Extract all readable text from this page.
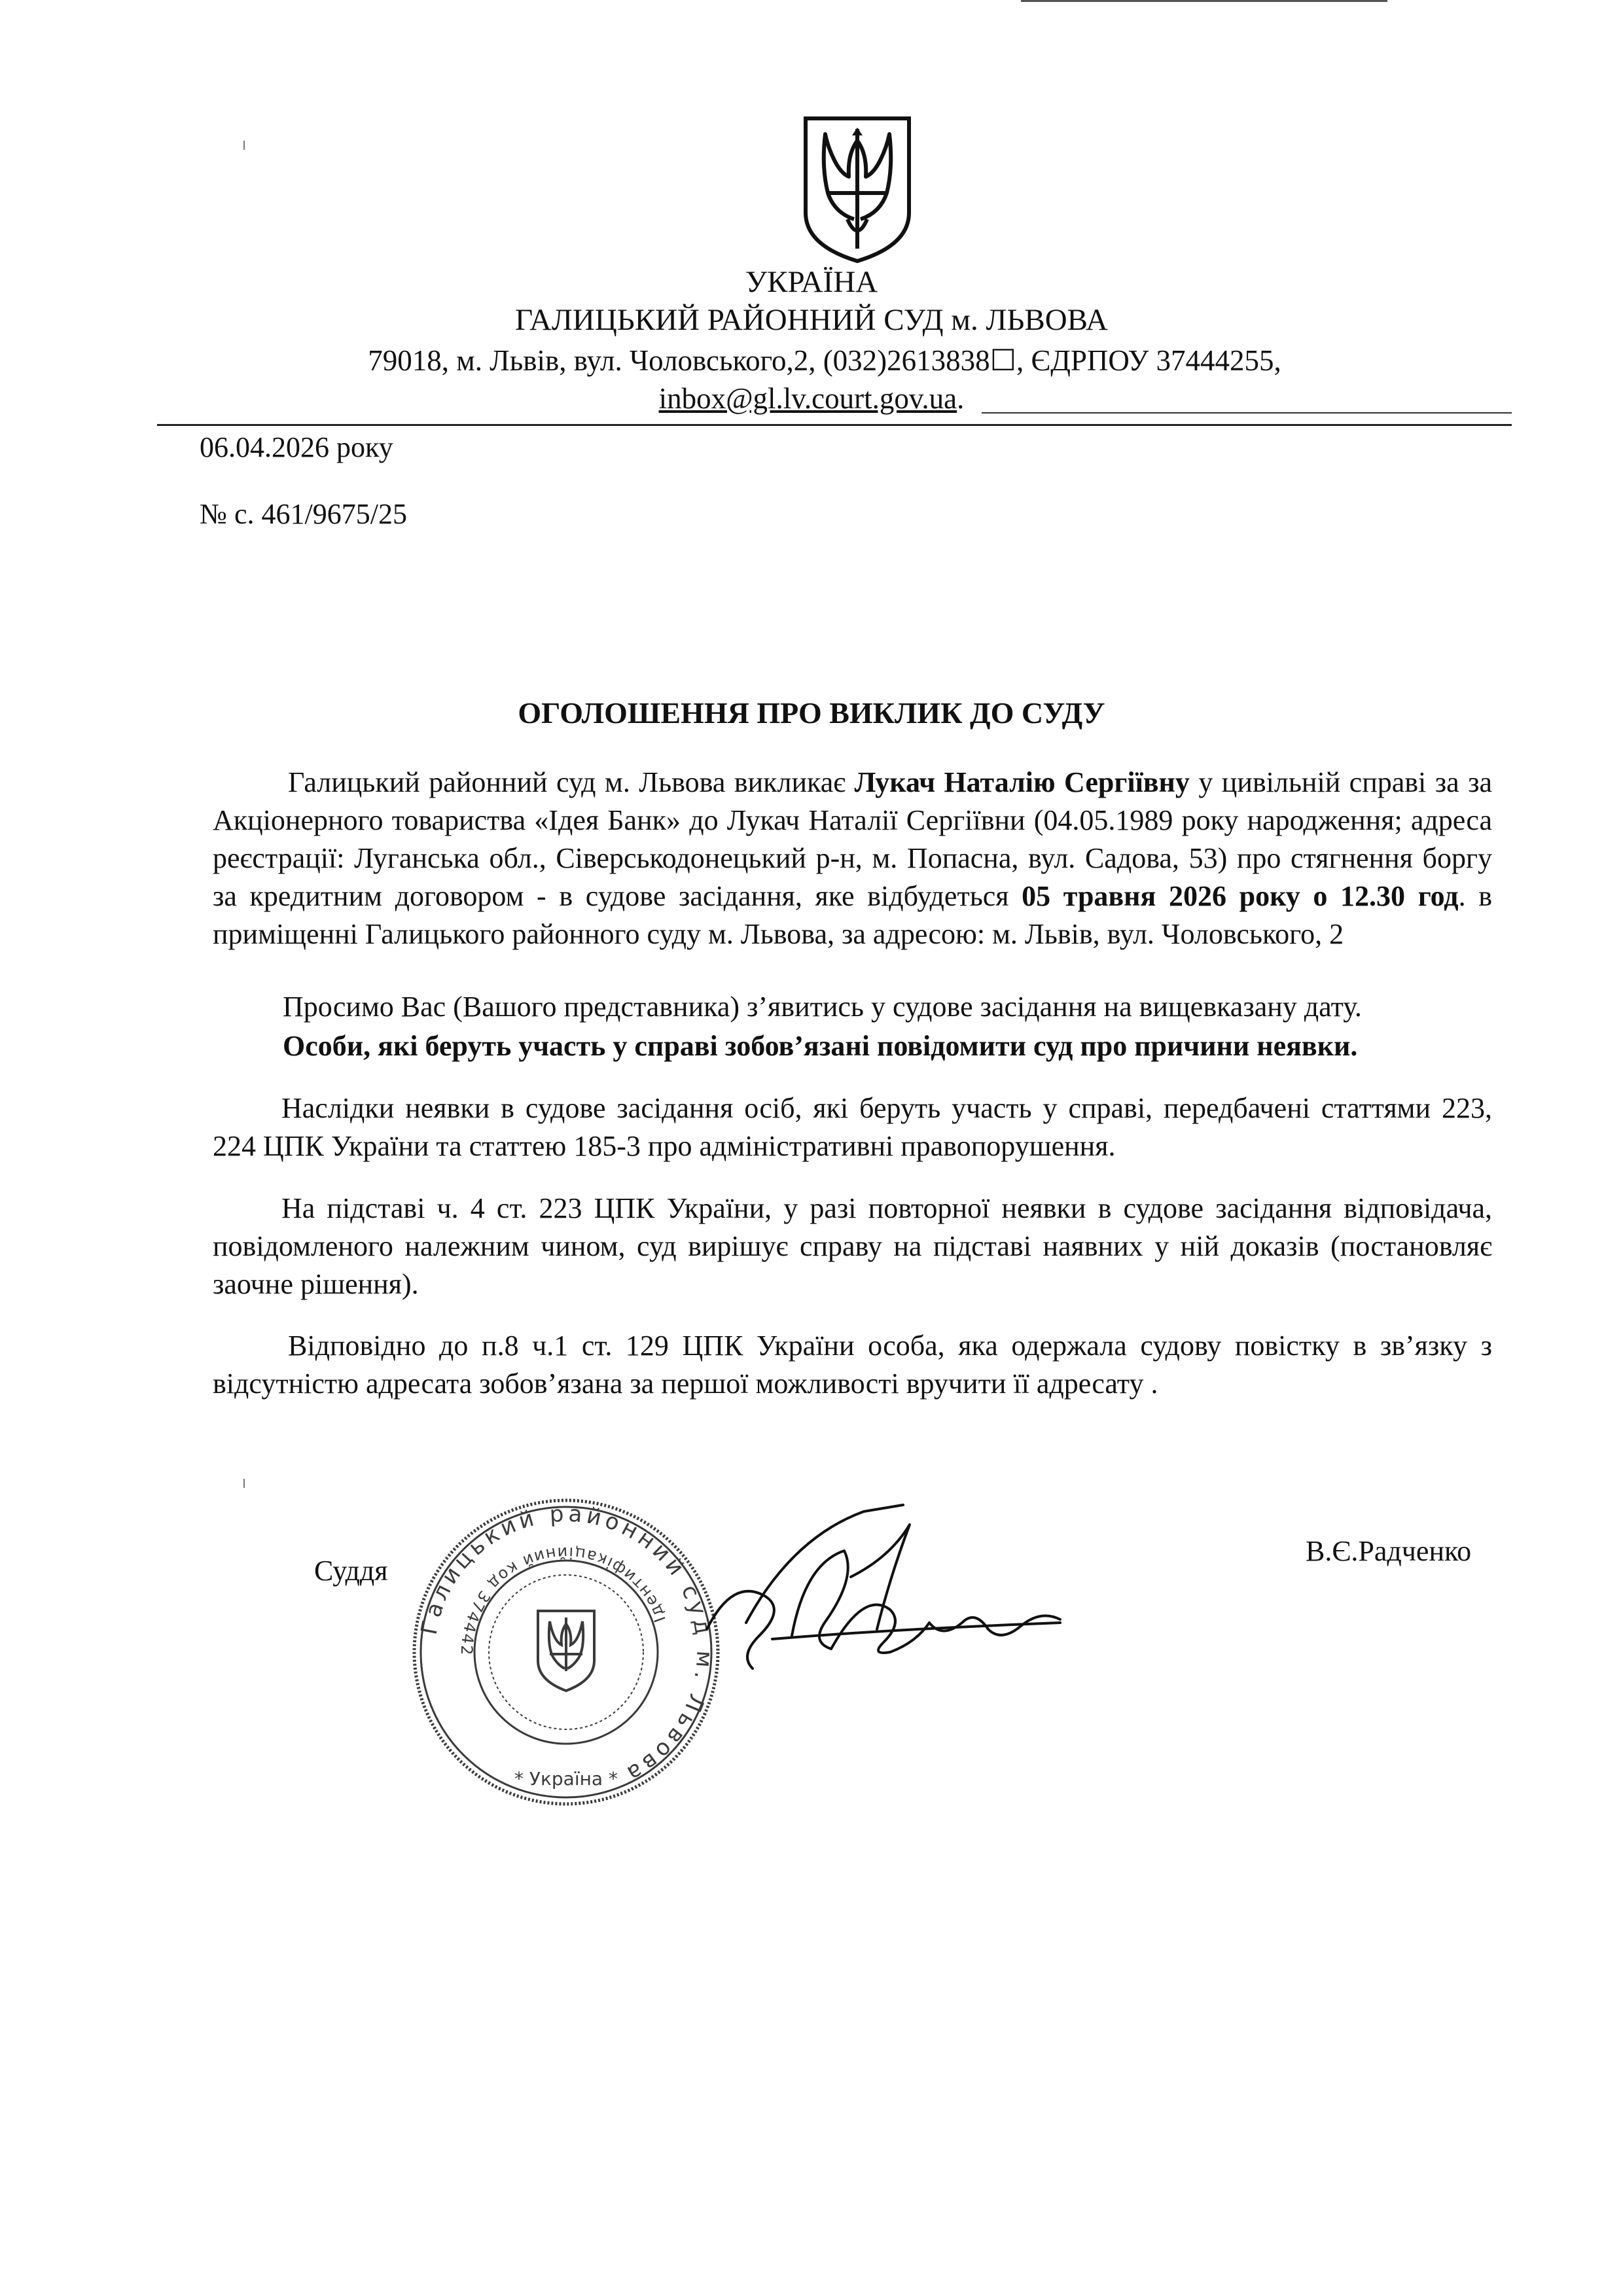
УКРАЇНА
ГАЛИЦЬКИЙ РАЙОННИЙ СУД м. ЛЬВОВА
79018, м. Львів, вул. Чоловського,2, (032)2613838☐, ЄДРПОУ 37444255,
inbox@gl.lv.court.gov.ua.
06.04.2026 року
№ с. 461/9675/25
ОГОЛОШЕННЯ ПРО ВИКЛИК ДО СУДУ
Галицький районний суд м. Львова викликає Лукач Наталію Сергіївну у цивільній справі за за Акціонерного товариства «Ідея Банк» до Лукач Наталії Сергіївни (04.05.1989 року народження; адреса реєстрації: Луганська обл., Сіверськодонецький р-н, м. Попасна, вул. Садова, 53) про стягнення боргу за кредитним договором - в судове засідання, яке відбудеться 05 травня 2026 року о 12.30 год. в приміщенні Галицького районного суду м. Львова, за адресою: м. Львів, вул. Чоловського, 2
Просимо Вас (Вашого представника) з’явитись у судове засідання на вищевказану дату.
Особи, які беруть участь у справі зобов’язані повідомити суд про причини неявки.
Наслідки неявки в судове засідання осіб, які беруть участь у справі, передбачені статтями 223, 224 ЦПК України та статтею 185-3 про адміністративні правопорушення.
На підставі ч. 4 ст. 223 ЦПК України, у разі повторної неявки в судове засідання відповідача, повідомленого належним чином, суд вирішує справу на підставі наявних у ній доказів (постановляє заочне рішення).
Відповідно до п.8 ч.1 ст. 129 ЦПК України особа, яка одержала судову повістку в зв’язку з відсутністю адресата зобов’язана за першої можливості вручити її адресату .
Суддя
В.Є.Радченко
Галицький районний суд м. Львова
Ідентифікаційний код 374442
* Україна *
